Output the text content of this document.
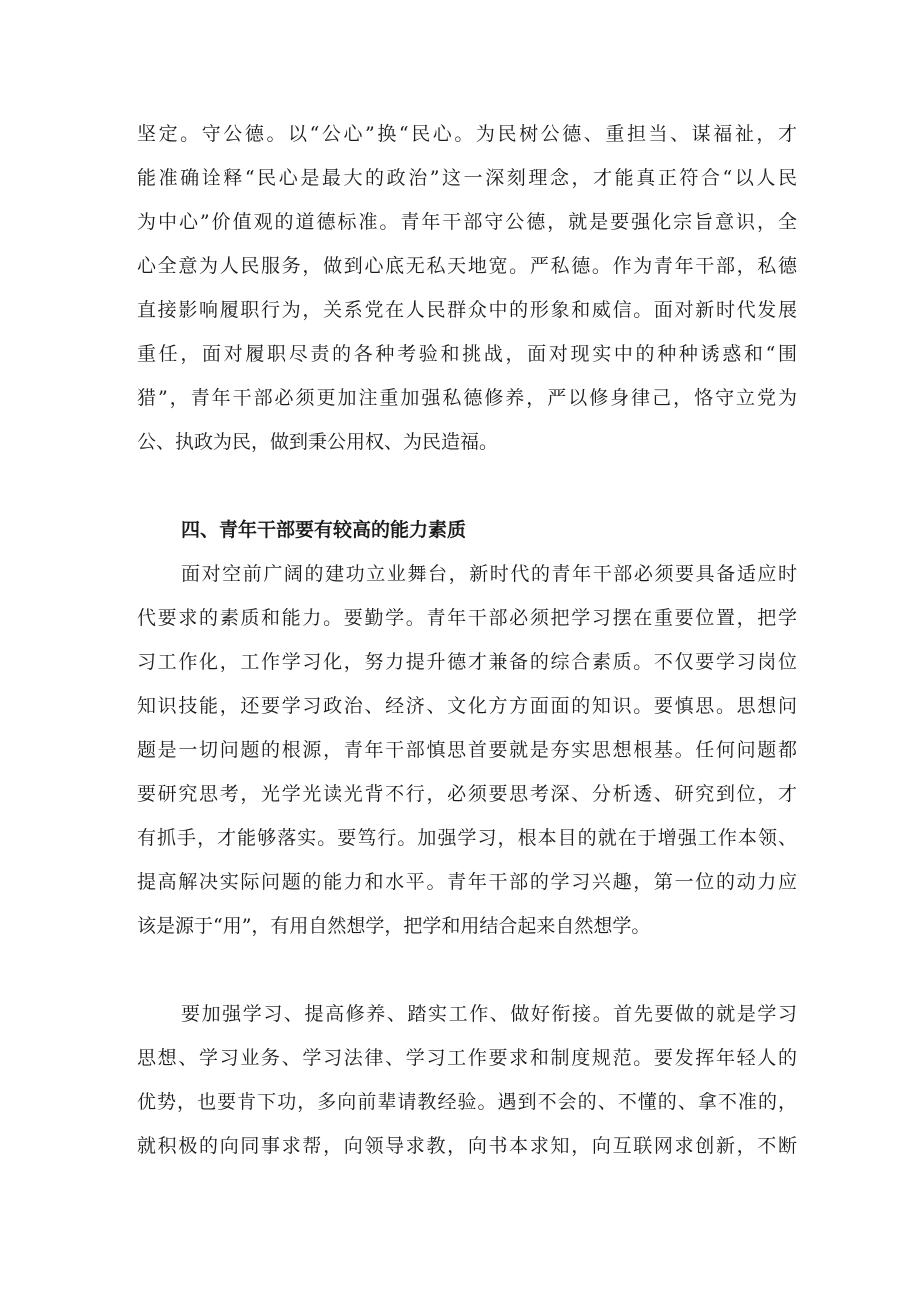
坚定。守公德。以“公心”换“民心。为民树公德、重担当、谋福祉，才

能准确诠释“民心是最大的政治”这一深刻理念，才能真正符合“以人民

为中心”价值观的道德标准。青年干部守公德，就是要强化宗旨意识，全

心全意为人民服务，做到心底无私天地宽。严私德。作为青年干部，私德

直接影响履职行为，关系党在人民群众中的形象和威信。面对新时代发展

重任，面对履职尽责的各种考验和挑战，面对现实中的种种诱惑和“围

猎”，青年干部必须更加注重加强私德修养，严以修身律己，恪守立党为

公、执政为民，做到秉公用权、为民造福。

四、青年干部要有较高的能力素质

面对空前广阔的建功立业舞台，新时代的青年干部必须要具备适应时

代要求的素质和能力。要勤学。青年干部必须把学习摆在重要位置，把学

习工作化，工作学习化，努力提升德才兼备的综合素质。不仅要学习岗位

知识技能，还要学习政治、经济、文化方方面面的知识。要慎思。思想问

题是一切问题的根源，青年干部慎思首要就是夯实思想根基。任何问题都

要研究思考，光学光读光背不行，必须要思考深、分析透、研究到位，才

有抓手，才能够落实。要笃行。加强学习，根本目的就在于增强工作本领、

提高解决实际问题的能力和水平。青年干部的学习兴趣，第一位的动力应

该是源于“用”，有用自然想学，把学和用结合起来自然想学。

要加强学习、提高修养、踏实工作、做好衔接。首先要做的就是学习

思想、学习业务、学习法律、学习工作要求和制度规范。要发挥年轻人的

优势，也要肯下功，多向前辈请教经验。遇到不会的、不懂的、拿不准的，

就积极的向同事求帮，向领导求教，向书本求知，向互联网求创新，不断
